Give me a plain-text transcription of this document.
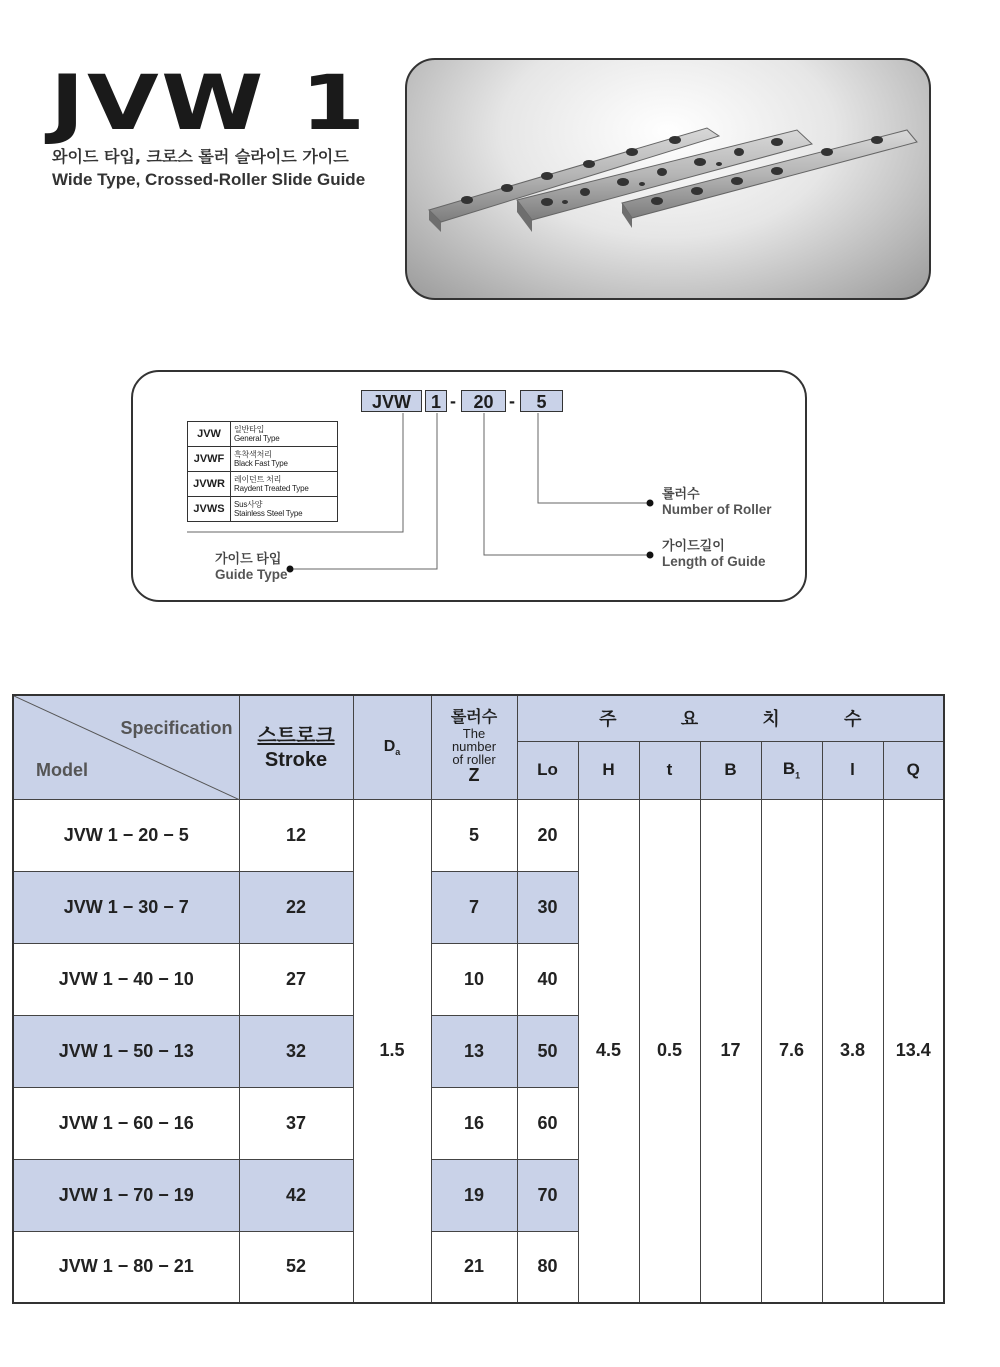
JVW 1
와이드 타입, 크로스 롤러 슬라이드 가이드
Wide Type, Crossed-Roller Slide Guide
JVW	1 - 20 -	5
JVW	일반타입
General Type
JVWF	흑착색처리
Black Fast Type
JVWR	레이던트 처리
Raydent Treated Type
JVWS	Sus사양
Stainless Steel Type
가이드 타입
Guide Type
롤러수
Number of Roller
가이드길이
Length of Guide
Specification
Model	스트로크
Stroke	$D_a$	롤러수
The
number
of roller
Z	주 요 치 수						
				Lo	H	t	B	$B_1$	l	Q
JVW 1 − 20 − 5	12	1.5	5	20	4.5	0.5	17	7.6	3.8	13.4
JVW 1 − 30 − 7	22		7	30						
JVW 1 − 40 − 10	27		10	40						
JVW 1 − 50 − 13	32		13	50						
JVW 1 − 60 − 16	37		16	60						
JVW 1 − 70 − 19	42		19	70						
JVW 1 − 80 − 21	52		21	80						
